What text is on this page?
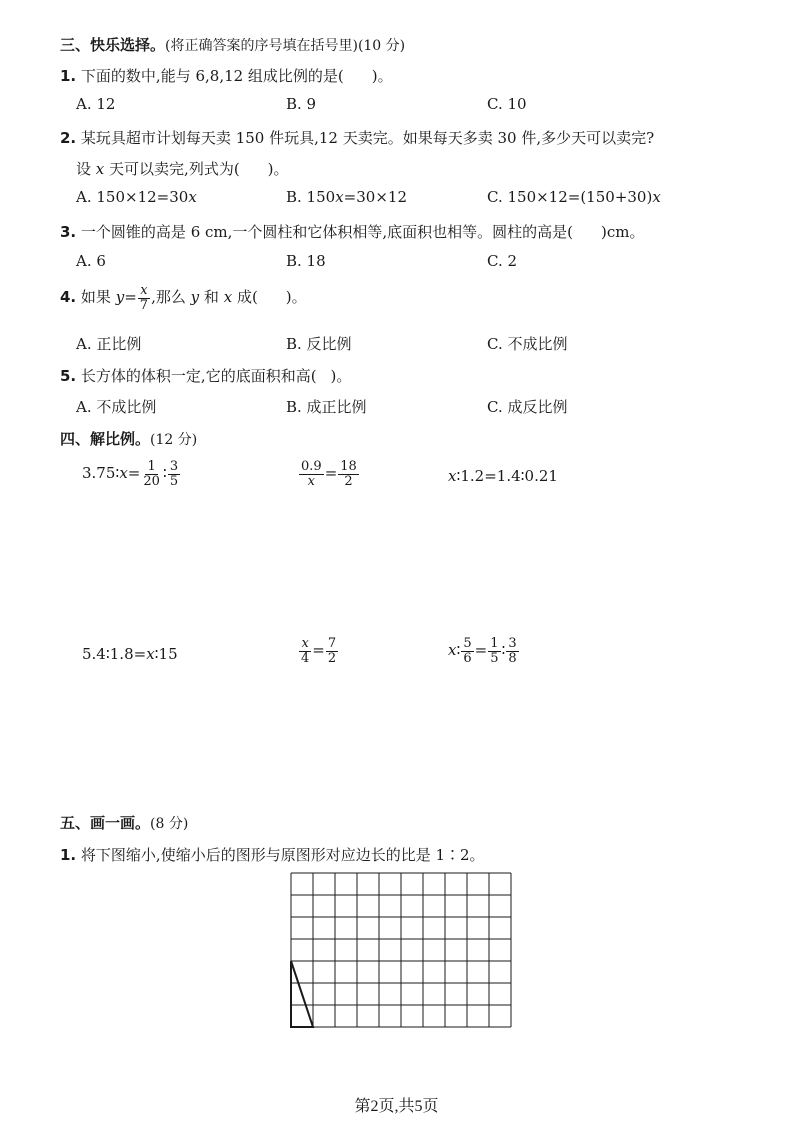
三、快乐选择。(将正确答案的序号填在括号里)(10 分)
1. 下面的数中,能与 6,8,12 组成比例的是( )。
A. 12	B. 9	C. 10
2. 某玩具超市计划每天卖 150 件玩具,12 天卖完。如果每天多卖 30 件,多少天可以卖完?
设 x 天可以卖完,列式为( )。
A. 150×12=30x	B. 150x=30×12	C. 150×12=(150+30)x
3. 一个圆锥的高是 6 cm,一个圆柱和它体积相等,底面积也相等。圆柱的高是( )cm。
A. 6	B. 18	C. 2
4. 如果 $y= \frac{x}{7}$ ,那么 y 和 x 成( )。
A. 正比例	B. 反比例	C. 不成比例
5. 长方体的体积一定,它的底面积和高( )。
A. 不成比例	B. 成正比例	C. 成反比例
四、解比例。(12 分)
3.75∶x= $\frac{1}{20}$ ∶ $\frac{3}{5}$	$\frac{0.9}{x} = \frac{18}{2}$	x∶1.2=1.4∶0.21
5.4∶1.8=x∶15	$\frac{x}{4} = \frac{7}{2}$	x∶ $\frac{5}{6} = \frac{1}{5}$ ∶ $\frac{3}{8}$
五、画一画。(8 分)
1. 将下图缩小,使缩小后的图形与原图形对应边长的比是 1∶2。
第2页,共5页
